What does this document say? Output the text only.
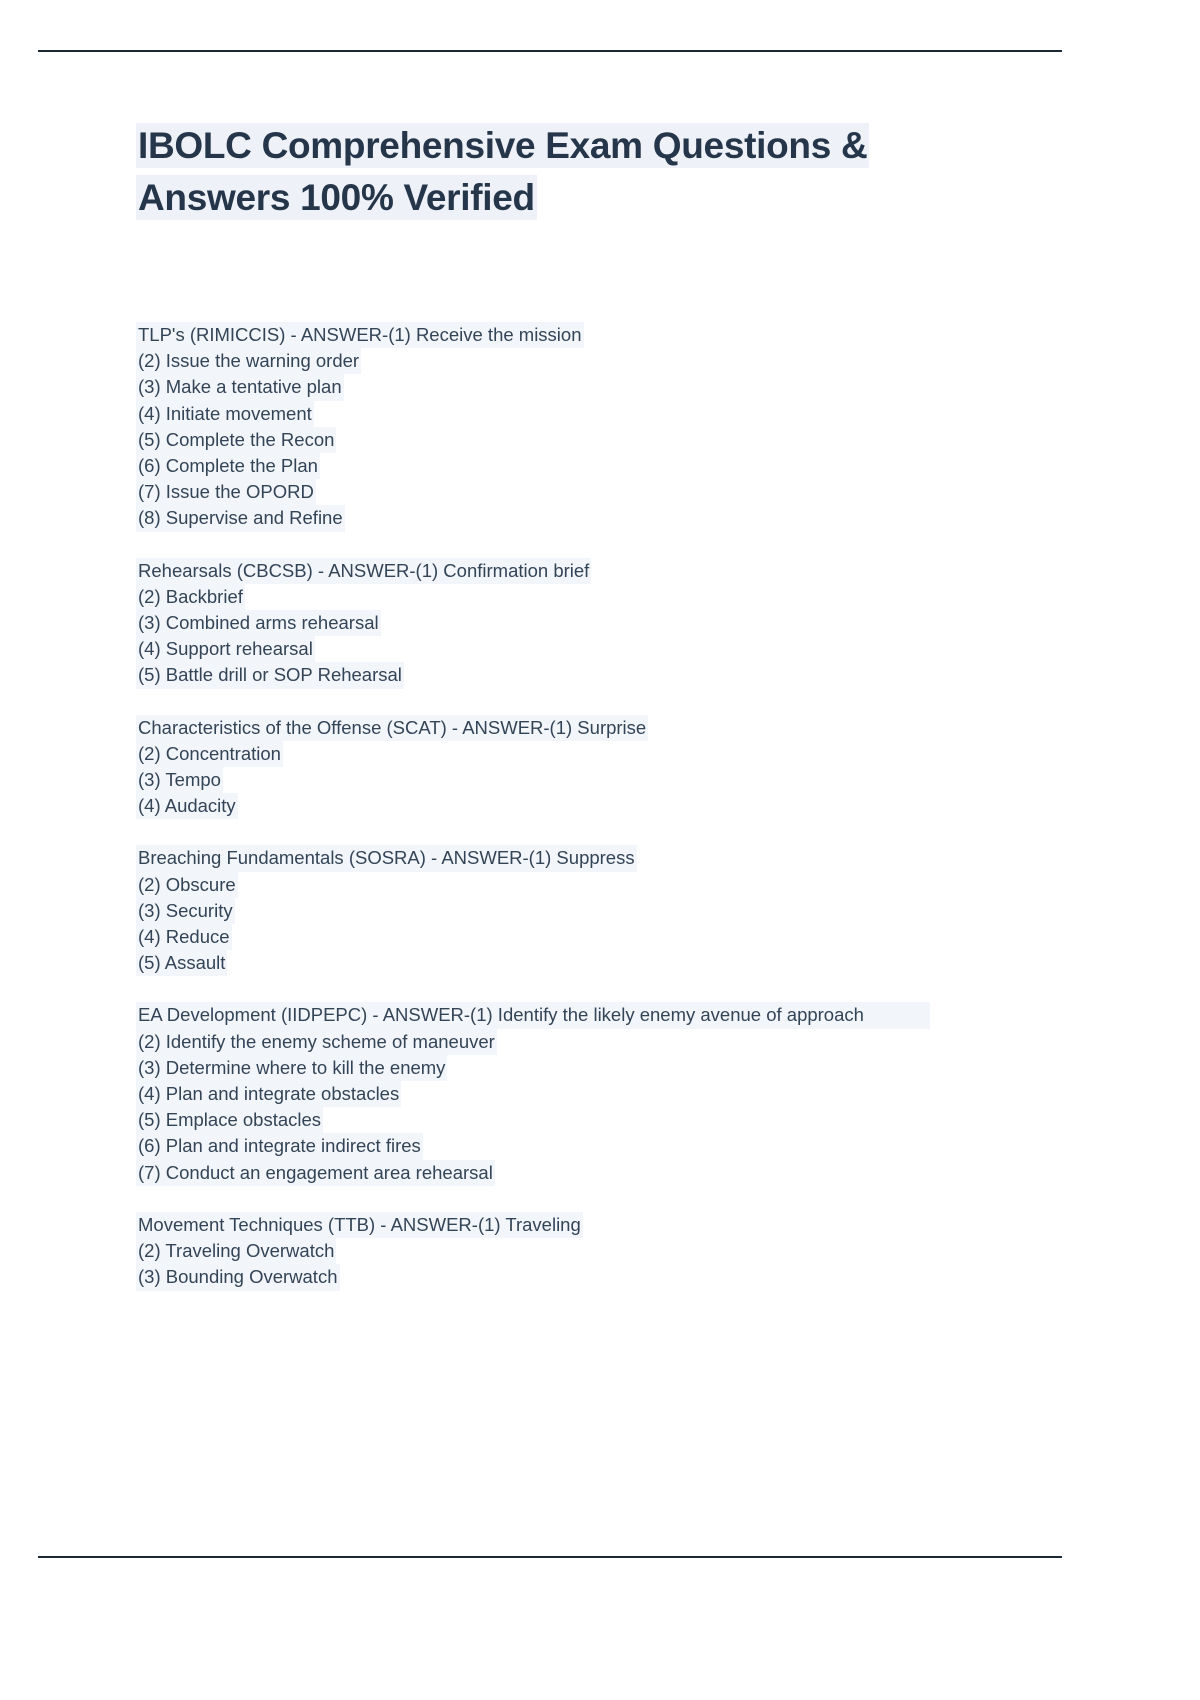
IBOLC Comprehensive Exam Questions & Answers 100% Verified
TLP's (RIMICCIS) - ANSWER-(1) Receive the mission
(2) Issue the warning order
(3) Make a tentative plan
(4) Initiate movement
(5) Complete the Recon
(6) Complete the Plan
(7) Issue the OPORD
(8) Supervise and Refine
Rehearsals (CBCSB) - ANSWER-(1) Confirmation brief
(2) Backbrief
(3) Combined arms rehearsal
(4) Support rehearsal
(5) Battle drill or SOP Rehearsal
Characteristics of the Offense (SCAT) - ANSWER-(1) Surprise
(2) Concentration
(3) Tempo
(4) Audacity
Breaching Fundamentals (SOSRA) - ANSWER-(1) Suppress
(2) Obscure
(3) Security
(4) Reduce
(5) Assault
EA Development (IIDPEPC) - ANSWER-(1) Identify the likely enemy avenue of approach
(2) Identify the enemy scheme of maneuver
(3) Determine where to kill the enemy
(4) Plan and integrate obstacles
(5) Emplace obstacles
(6) Plan and integrate indirect fires
(7) Conduct an engagement area rehearsal
Movement Techniques (TTB) - ANSWER-(1) Traveling
(2) Traveling Overwatch
(3) Bounding Overwatch
